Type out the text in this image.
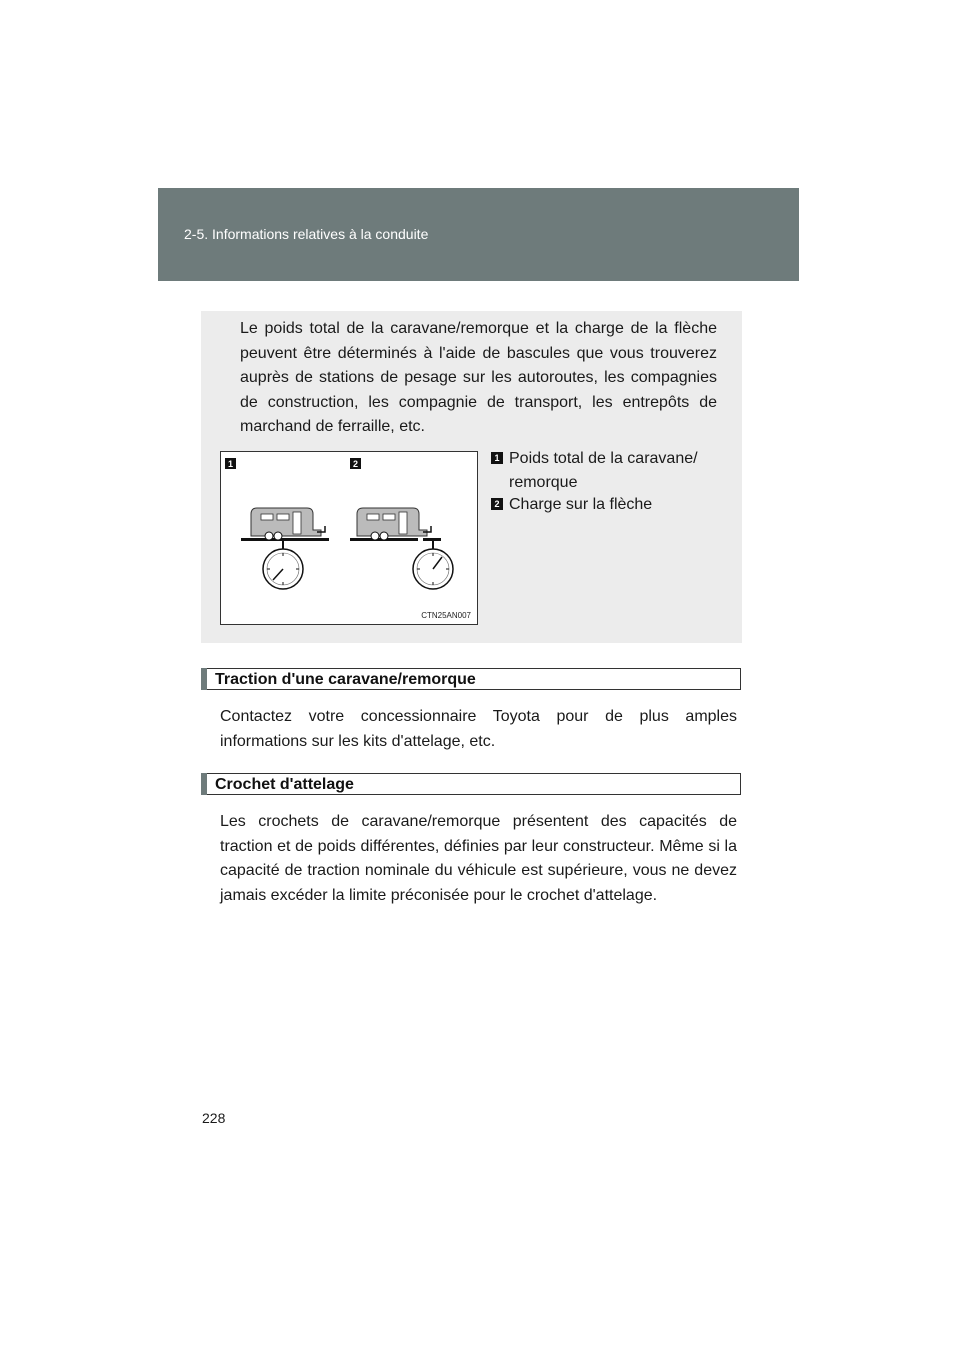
2-5. Informations relatives à la conduite
Le poids total de la caravane/remorque et la charge de la flèche peuvent être déterminés à l'aide de bascules que vous trouverez auprès de stations de pesage sur les autoroutes, les compagnies de construction, les compagnie de transport, les entrepôts de marchand de ferraille, etc.
1	2
CTN25AN007
1 Poids total de la caravane/ remorque
2 Charge sur la flèche
Traction d'une caravane/remorque
Contactez votre concessionnaire Toyota pour de plus amples informations sur les kits d'attelage, etc.
Crochet d'attelage
Les crochets de caravane/remorque présentent des capacités de traction et de poids différentes, définies par leur constructeur. Même si la capacité de traction nominale du véhicule est supérieure, vous ne devez jamais excéder la limite préconisée pour le crochet d'attelage.
228
